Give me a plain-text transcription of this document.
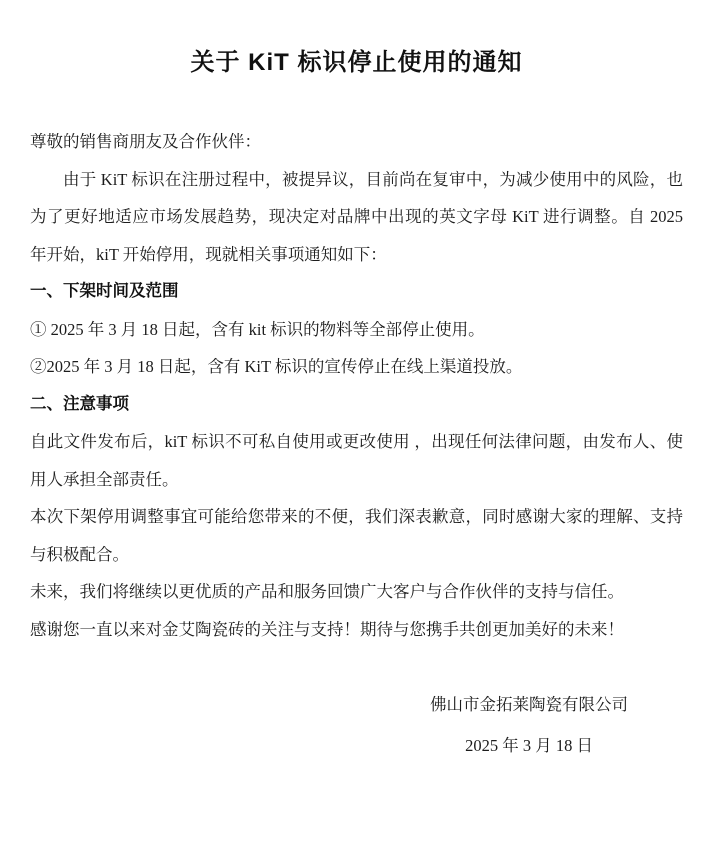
关于 KiT 标识停止使用的通知
尊敬的销售商朋友及合作伙伴：
由于 KiT 标识在注册过程中，被提异议，目前尚在复审中，为减少使用中的风险，也为了更好地适应市场发展趋势，现决定对品牌中出现的英文字母 KiT 进行调整。自 2025 年开始，kiT 开始停用，现就相关事项通知如下：
一、下架时间及范围
① 2025 年 3 月 18 日起，含有 kit 标识的物料等全部停止使用。
②2025 年 3 月 18 日起，含有 KiT 标识的宣传停止在线上渠道投放。
二、注意事项
自此文件发布后，kiT 标识不可私自使用或更改使用 ，出现任何法律问题，由发布人、使用人承担全部责任。
本次下架停用调整事宜可能给您带来的不便，我们深表歉意，同时感谢大家的理解、支持与积极配合。
未来，我们将继续以更优质的产品和服务回馈广大客户与合作伙伴的支持与信任。
感谢您一直以来对金艾陶瓷砖的关注与支持！期待与您携手共创更加美好的未来！
佛山市金拓莱陶瓷有限公司
2025 年 3 月 18 日
